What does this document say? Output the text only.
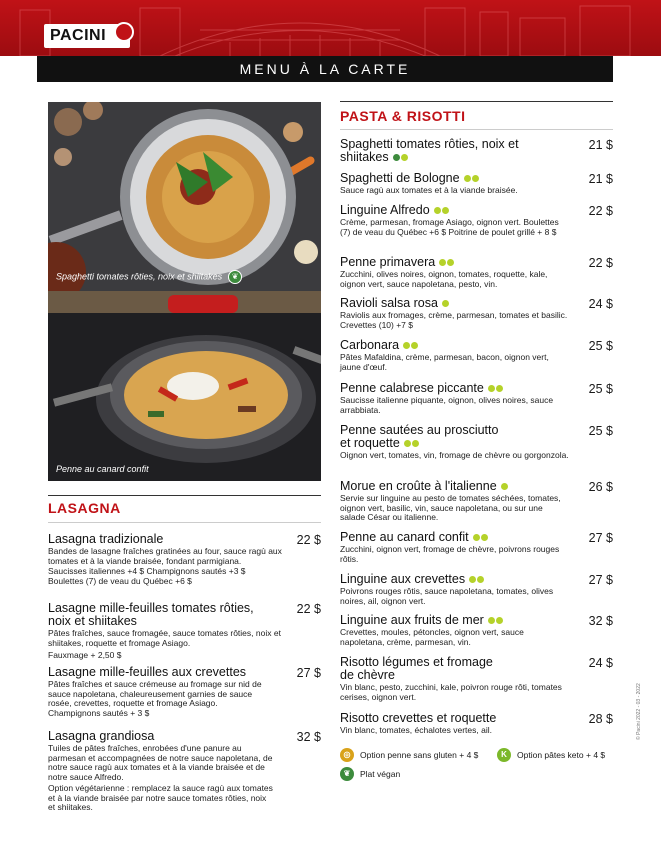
PACINI
MENU À LA CARTE
Spaghetti tomates rôties, noix et shiitakes ❦
Penne au canard confit
LASAGNA
Lasagna tradizionale
Bandes de lasagne fraîches gratinées au four, sauce ragù aux tomates et à la viande braisée, fondant parmigiana.
Saucisses italiennes +4 $ Champignons sautés +3 $ Boulettes (7) de veau du Québec +6 $
22 $
Lasagne mille-feuilles tomates rôties, noix et shiitakes
Pâtes fraîches, sauce fromagée, sauce tomates rôties, noix et shiitakes, roquette et fromage Asiago.
Fauxmage + 2,50 $
22 $
Lasagne mille-feuilles aux crevettes
Pâtes fraîches et sauce crémeuse au fromage sur nid de sauce napoletana, chaleureusement garnies de sauce rosée, crevettes, roquette et fromage Asiago. Champignons sautés + 3 $
27 $
Lasagna grandiosa
Tuiles de pâtes fraîches, enrobées d'une panure au parmesan et accompagnées de notre sauce napoletana, de notre sauce ragù aux tomates et à la viande braisée et de notre sauce Alfredo.
Option végétarienne : remplacez la sauce ragù aux tomates et à la viande braisée par notre sauce tomates rôties, noix et shiitakes.
32 $
PASTA & RISOTTI
Spaghetti tomates rôties, noix et shiitakes
21 $
Spaghetti de Bologne
Sauce ragù aux tomates et à la viande braisée.
21 $
Linguine Alfredo
Crème, parmesan, fromage Asiago, oignon vert. Boulettes (7) de veau du Québec +6 $ Poitrine de poulet grillé + 8 $
22 $
Penne primavera
Zucchini, olives noires, oignon, tomates, roquette, kale, oignon vert, sauce napoletana, pesto, vin.
22 $
Ravioli salsa rosa
Raviolis aux fromages, crème, parmesan, tomates et basilic. Crevettes (10) +7 $
24 $
Carbonara
Pâtes Mafaldina, crème, parmesan, bacon, oignon vert, jaune d'œuf.
25 $
Penne calabrese piccante
Saucisse italienne piquante, oignon, olives noires, sauce arrabbiata.
25 $
Penne sautées au prosciutto et roquette
Oignon vert, tomates, vin, fromage de chèvre ou gorgonzola.
25 $
Morue en croûte à l'italienne
Servie sur linguine au pesto de tomates séchées, tomates, oignon vert, basilic, vin, sauce napoletana, ou sur une salade César ou italienne.
26 $
Penne au canard confit
Zucchini, oignon vert, fromage de chèvre, poivrons rouges rôtis.
27 $
Linguine aux crevettes
Poivrons rouges rôtis, sauce napoletana, tomates, olives noires, ail, oignon vert.
27 $
Linguine aux fruits de mer
Crevettes, moules, pétoncles, oignon vert, sauce napoletana, crème, parmesan, vin.
32 $
Risotto légumes et fromage de chèvre
Vin blanc, pesto, zucchini, kale, poivron rouge rôti, tomates cerises, oignon vert.
24 $
Risotto crevettes et roquette
Vin blanc, tomates, échalotes vertes, ail.
28 $
◎	Option penne sans gluten + 4 $	K	Option pâtes keto + 4 $
❦	Plat végan
© Pacini 2022 - 03 - 2022
